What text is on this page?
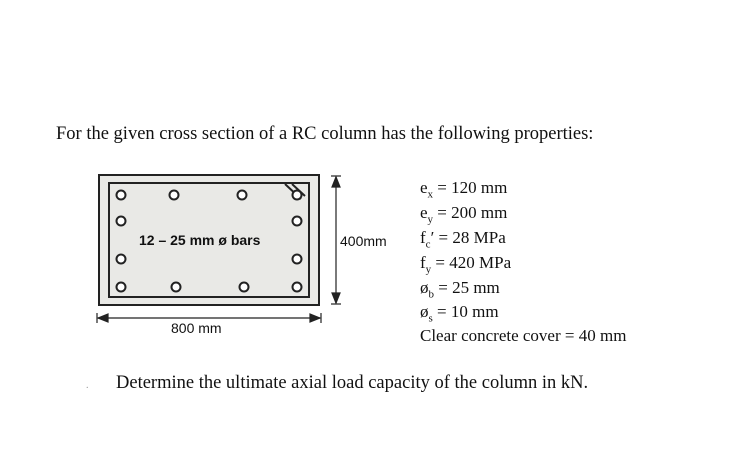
For the given cross section of a RC column has the following properties:
12 – 25 mm ø bars
800 mm
400mm
$e_x = 120$ mm
$e_y = 200$ mm
$f_c' = 28$ MPa
$f_y = 420$ MPa
$ø_b = 25$ mm
$ø_s = 10$ mm
Clear concrete cover = 40 mm
. Determine the ultimate axial load capacity of the column in kN.
